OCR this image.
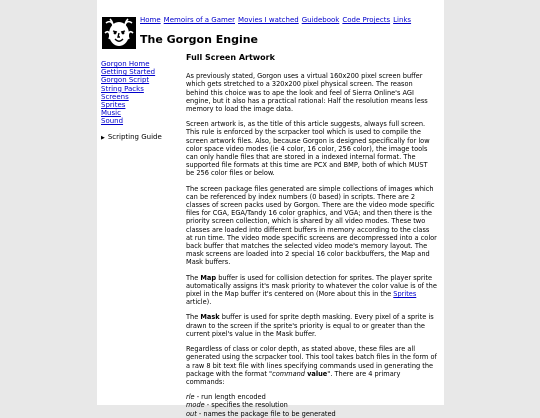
Home Memoirs of a Gamer Movies I watched Guidebook Code Projects Links
The Gorgon Engine
Gorgon Home
Getting Started
Gorgon Script
String Packs
Screens
Sprites
Music
Sound
▶ Scripting Guide
Full Screen Artwork

As previously stated, Gorgon uses a virtual 160x200 pixel screen buffer which gets stretched to a 320x200 pixel physical screen. The reason behind this choice was to ape the look and feel of Sierra Online's AGI engine, but it also has a practical rational: Half the resolution means less memory to load the image data.

Screen artwork is, as the title of this article suggests, always full screen. This rule is enforced by the scrpacker tool which is used to compile the screen artwork files. Also, because Gorgon is designed specifically for low color space video modes (ie 4 color, 16 color, 256 color), the image tools can only handle files that are stored in a indexed internal format. The supported file formats at this time are PCX and BMP, both of which MUST be 256 color files or below.

The screen package files generated are simple collections of images which can be referenced by index numbers (0 based) in scripts. There are 2 classes of screen packs used by Gorgon. There are the video mode specific files for CGA, EGA/Tandy 16 color graphics, and VGA; and then there is the priority screen collection, which is shared by all video modes. These two classes are loaded into different buffers in memory according to the class at run time. The video mode specific screens are decompressed into a color back buffer that matches the selected video mode's memory layout. The mask screens are loaded into 2 special 16 color backbuffers, the Map and Mask buffers.

The Map buffer is used for collision detection for sprites. The player sprite automatically assigns it's mask priority to whatever the color value is of the pixel in the Map buffer it's centered on (More about this in the Sprites article).

The Mask buffer is used for sprite depth masking. Every pixel of a sprite is drawn to the screen if the sprite's priority is equal to or greater than the current pixel's value in the Mask buffer.

Regardless of class or color depth, as stated above, these files are all generated using the scrpacker tool. This tool takes batch files in the form of a raw 8 bit text file with lines specifying commands used in generating the package with the format "command value". There are 4 primary commands:

rle - run length encoded

mode - specifies the resolution

out - names the package file to be generated
